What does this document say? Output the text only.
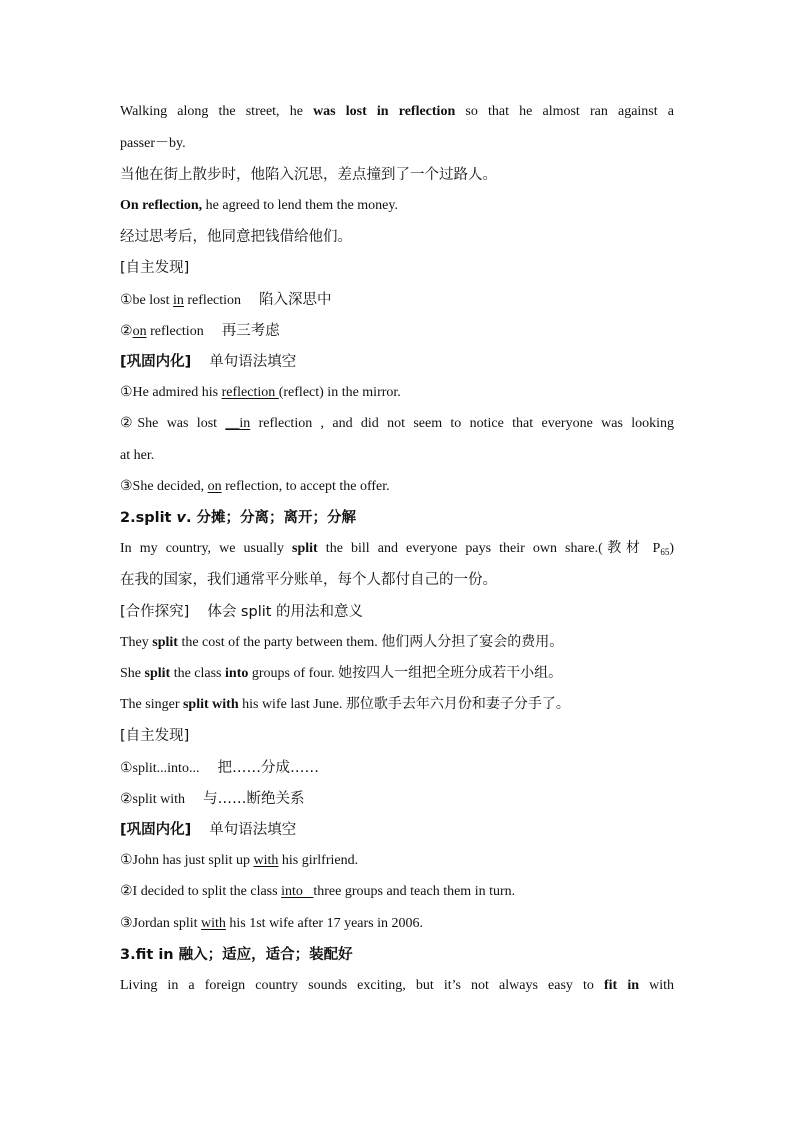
Walking along the street, he was lost in reflection so that he almost ran against a
passer－by.
当他在街上散步时，他陷入沉思，差点撞到了一个过路人。
On reflection, he agreed to lend them the money.
经过思考后，他同意把钱借给他们。
[自主发现]
①be lost in reflection 陷入深思中
②on reflection 再三考虑
[巩固内化] 单句语法填空
①He admired his reflection (reflect) in the mirror.
②She was lost __in reflection , and did not seem to notice that everyone was looking
at her.
③She decided, on reflection, to accept the offer.
2.split v. 分摊；分离；离开；分解
In my country, we usually split the bill and everyone pays their own share.(教材 $P_{65}$)
在我的国家，我们通常平分账单，每个人都付自己的一份。
[合作探究] 体会 split 的用法和意义
They split the cost of the party between them. 他们两人分担了宴会的费用。
She split the class into groups of four. 她按四人一组把全班分成若干小组。
The singer split with his wife last June. 那位歌手去年六月份和妻子分手了。
[自主发现]
①split...into... 把……分成……
②split with 与……断绝关系
[巩固内化] 单句语法填空
①John has just split up with his girlfriend.
②I decided to split the class into   three groups and teach them in turn.
③Jordan split with his 1st wife after 17 years in 2006.
3.fit in 融入；适应，适合；装配好
Living in a foreign country sounds exciting, but it’s not always easy to fit in with
